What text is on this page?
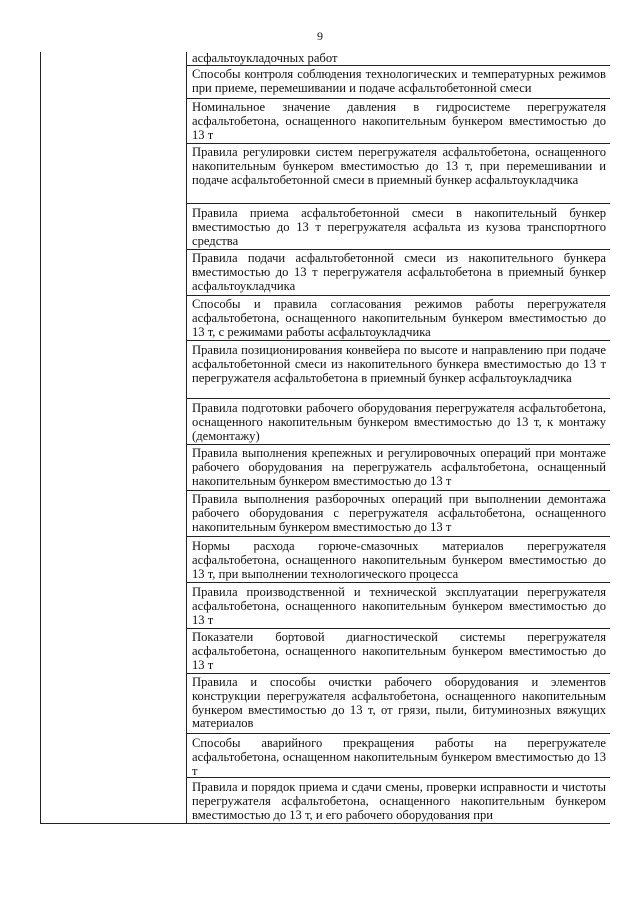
9
асфальтоукладочных работ
Способы контроля соблюдения технологических и температурных режимов при приеме, перемешивании и подаче асфальтобетонной смеси
Номинальное значение давления в гидросистеме перегружателя асфальтобетона, оснащенного накопительным бункером вместимостью до 13 т
Правила регулировки систем перегружателя асфальтобетона, оснащенного накопительным бункером вместимостью до 13 т, при перемешивании и подаче асфальтобетонной смеси в приемный бункер асфальтоукладчика
Правила приема асфальтобетонной смеси в накопительный бункер вместимостью до 13 т перегружателя асфальта из кузова транспортного средства
Правила подачи асфальтобетонной смеси из накопительного бункера вместимостью до 13 т перегружателя асфальтобетона в приемный бункер асфальтоукладчика
Способы и правила согласования режимов работы перегружателя асфальтобетона, оснащенного накопительным бункером вместимостью до 13 т, с режимами работы асфальтоукладчика
Правила позиционирования конвейера по высоте и направлению при подаче асфальтобетонной смеси из накопительного бункера вместимостью до 13 т перегружателя асфальтобетона в приемный бункер асфальтоукладчика
Правила подготовки рабочего оборудования перегружателя асфальтобетона, оснащенного накопительным бункером вместимостью до 13 т, к монтажу (демонтажу)
Правила выполнения крепежных и регулировочных операций при монтаже рабочего оборудования на перегружатель асфальтобетона, оснащенный накопительным бункером вместимостью до 13 т
Правила выполнения разборочных операций при выполнении демонтажа рабочего оборудования с перегружателя асфальтобетона, оснащенного накопительным бункером вместимостью до 13 т
Нормы расхода горюче-смазочных материалов перегружателя асфальтобетона, оснащенного накопительным бункером вместимостью до 13 т, при выполнении технологического процесса
Правила производственной и технической эксплуатации перегружателя асфальтобетона, оснащенного накопительным бункером вместимостью до 13 т
Показатели бортовой диагностической системы перегружателя асфальтобетона, оснащенного накопительным бункером вместимостью до 13 т
Правила и способы очистки рабочего оборудования и элементов конструкции перегружателя асфальтобетона, оснащенного накопительным бункером вместимостью до 13 т, от грязи, пыли, битуминозных вяжущих материалов
Способы аварийного прекращения работы на перегружателе асфальтобетона, оснащенном накопительным бункером вместимостью до 13 т
Правила и порядок приема и сдачи смены, проверки исправности и чистоты перегружателя асфальтобетона, оснащенного накопительным бункером вместимостью до 13 т, и его рабочего оборудования при
